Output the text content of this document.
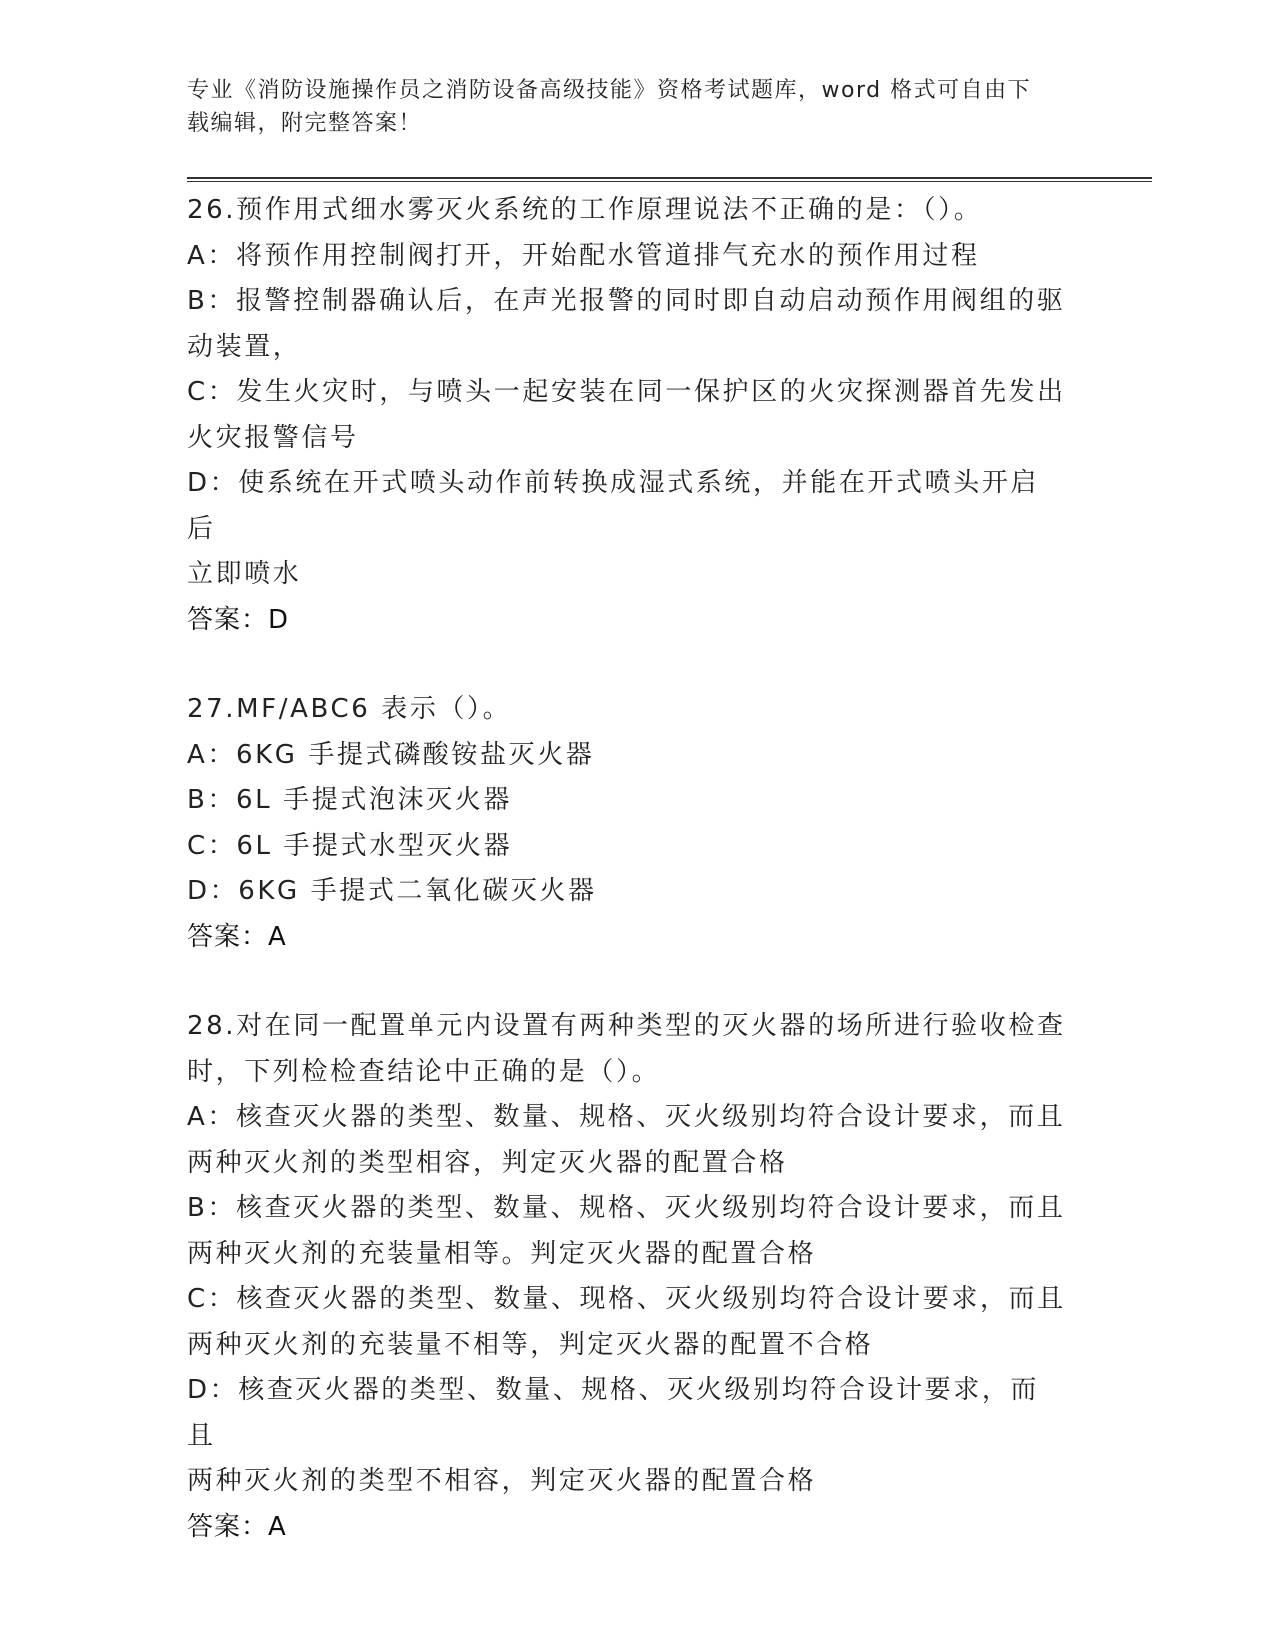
专业《消防设施操作员之消防设备高级技能》资格考试题库，word 格式可自由下
载编辑，附完整答案！

26.预作用式细水雾灭火系统的工作原理说法不正确的是：（）。

A：将预作用控制阀打开，开始配水管道排气充水的预作用过程

B：报警控制器确认后，在声光报警的同时即自动启动预作用阀组的驱

动装置，

C：发生火灾时，与喷头一起安装在同一保护区的火灾探测器首先发出

火灾报警信号

D：使系统在开式喷头动作前转换成湿式系统，并能在开式喷头开启后

立即喷水

答案：D

27.MF/ABC6 表示（）。

A：6KG 手提式磷酸铵盐灭火器

B：6L 手提式泡沫灭火器

C：6L 手提式水型灭火器

D：6KG 手提式二氧化碳灭火器

答案：A

28.对在同一配置单元内设置有两种类型的灭火器的场所进行验收检查

时，下列检检查结论中正确的是（）。

A：核查灭火器的类型、数量、规格、灭火级别均符合设计要求，而且

两种灭火剂的类型相容，判定灭火器的配置合格

B：核查灭火器的类型、数量、规格、灭火级别均符合设计要求，而且

两种灭火剂的充装量相等。判定灭火器的配置合格

C：核查灭火器的类型、数量、现格、灭火级别均符合设计要求，而且

两种灭火剂的充装量不相等，判定灭火器的配置不合格

D：核查灭火器的类型、数量、规格、灭火级别均符合设计要求，而且

两种灭火剂的类型不相容，判定灭火器的配置合格

答案：A
